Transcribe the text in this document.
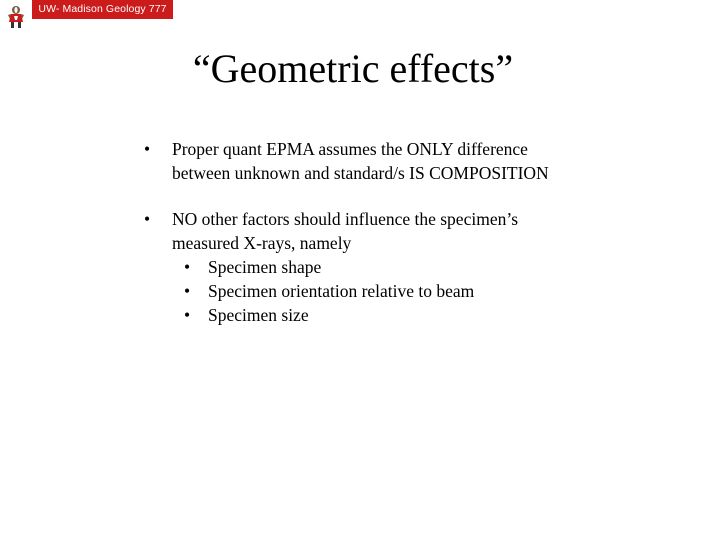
UW- Madison Geology 777
“Geometric effects”
• Proper quant EPMA assumes the ONLY difference
between unknown and standard/s IS COMPOSITION
• NO other factors should influence the specimen’s
measured X-rays, namely
• Specimen shape
• Specimen orientation relative to beam
• Specimen size
